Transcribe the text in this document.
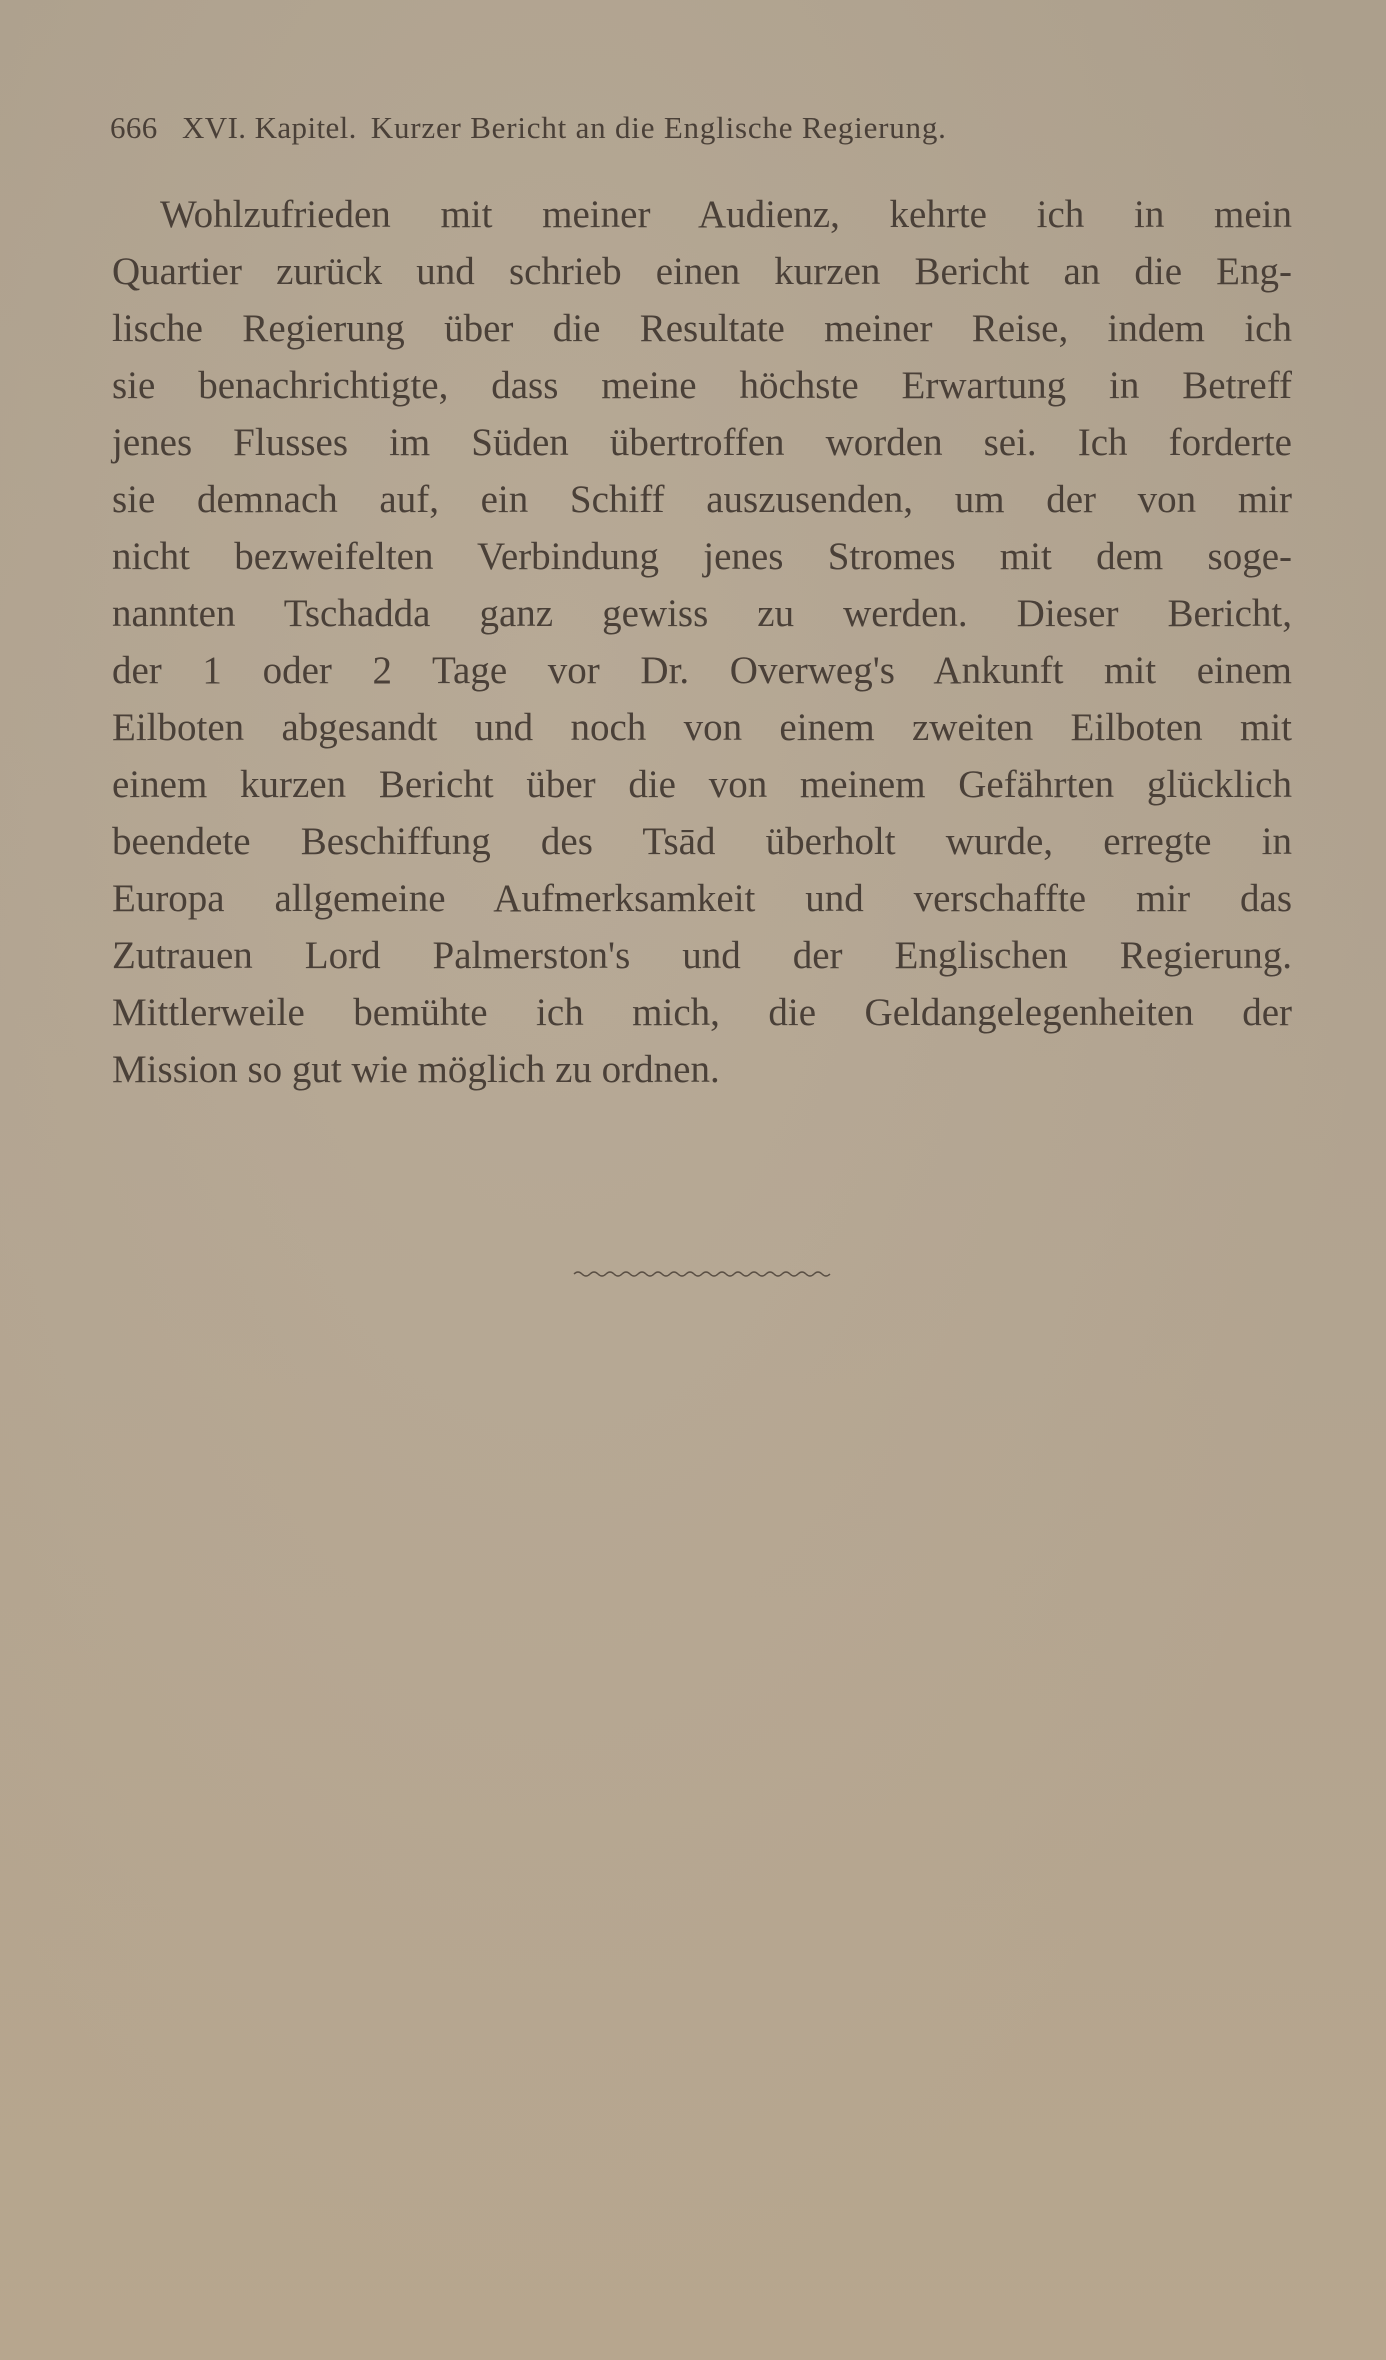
666 XVI. Kapitel. Kurzer Bericht an die Englische Regierung.

Wohlzufrieden mit meiner Audienz, kehrte ich in mein
Quartier zurück und schrieb einen kurzen Bericht an die Eng-
lische Regierung über die Resultate meiner Reise, indem ich
sie benachrichtigte, dass meine höchste Erwartung in Betreff
jenes Flusses im Süden übertroffen worden sei. Ich forderte
sie demnach auf, ein Schiff auszusenden, um der von mir
nicht bezweifelten Verbindung jenes Stromes mit dem soge-
nannten Tschadda ganz gewiss zu werden. Dieser Bericht,
der 1 oder 2 Tage vor Dr. Overweg's Ankunft mit einem
Eilboten abgesandt und noch von einem zweiten Eilboten mit
einem kurzen Bericht über die von meinem Gefährten glücklich
beendete Beschiffung des Tsād überholt wurde, erregte in
Europa allgemeine Aufmerksamkeit und verschaffte mir das
Zutrauen Lord Palmerston's und der Englischen Regierung.
Mittlerweile bemühte ich mich, die Geldangelegenheiten der
Mission so gut wie möglich zu ordnen.
